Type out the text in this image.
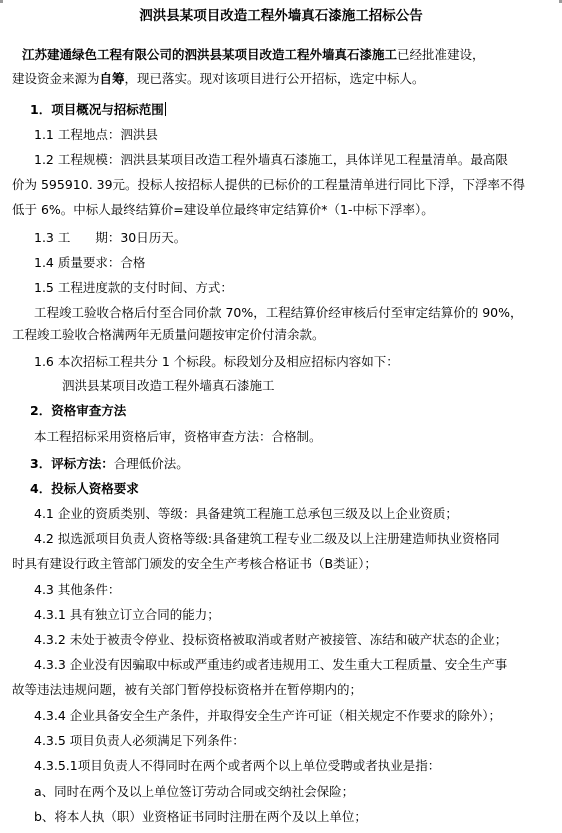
泗洪县某项目改造工程外墙真石漆施工招标公告
江苏建通绿色工程有限公司的泗洪县某项目改造工程外墙真石漆施工已经批准建设，
建设资金来源为自筹，现已落实。现对该项目进行公开招标，选定中标人。
1．项目概况与招标范围
1.1 工程地点：泗洪县
1.2 工程规模：泗洪县某项目改造工程外墙真石漆施工，具体详见工程量清单。最高限
价为 595910. 39元。投标人按招标人提供的已标价的工程量清单进行同比下浮，下浮率不得
低于 6%。中标人最终结算价=建设单位最终审定结算价*（1-中标下浮率）。
1.3 工　　期：30日历天。
1.4 质量要求：合格
1.5 工程进度款的支付时间、方式：
工程竣工验收合格后付至合同价款 70%，工程结算价经审核后付至审定结算价的 90%，
工程竣工验收合格满两年无质量问题按审定价付清余款。
1.6 本次招标工程共分 1 个标段。标段划分及相应招标内容如下：
泗洪县某项目改造工程外墙真石漆施工
2．资格审查方法
本工程招标采用资格后审，资格审查方法：合格制。
3．评标方法：合理低价法。
4．投标人资格要求
4.1 企业的资质类别、等级：具备建筑工程施工总承包三级及以上企业资质；
4.2 拟选派项目负责人资格等级:具备建筑工程专业二级及以上注册建造师执业资格同
时具有建设行政主管部门颁发的安全生产考核合格证书（B类证）；
4.3 其他条件：
4.3.1 具有独立订立合同的能力；
4.3.2 未处于被责令停业、投标资格被取消或者财产被接管、冻结和破产状态的企业；
4.3.3 企业没有因骗取中标或严重违约或者违规用工、发生重大工程质量、安全生产事
故等违法违规问题，被有关部门暂停投标资格并在暂停期内的；
4.3.4 企业具备安全生产条件，并取得安全生产许可证（相关规定不作要求的除外）；
4.3.5 项目负责人必须满足下列条件：
4.3.5.1项目负责人不得同时在两个或者两个以上单位受聘或者执业是指：
a、同时在两个及以上单位签订劳动合同或交纳社会保险；
b、将本人执（职）业资格证书同时注册在两个及以上单位；
